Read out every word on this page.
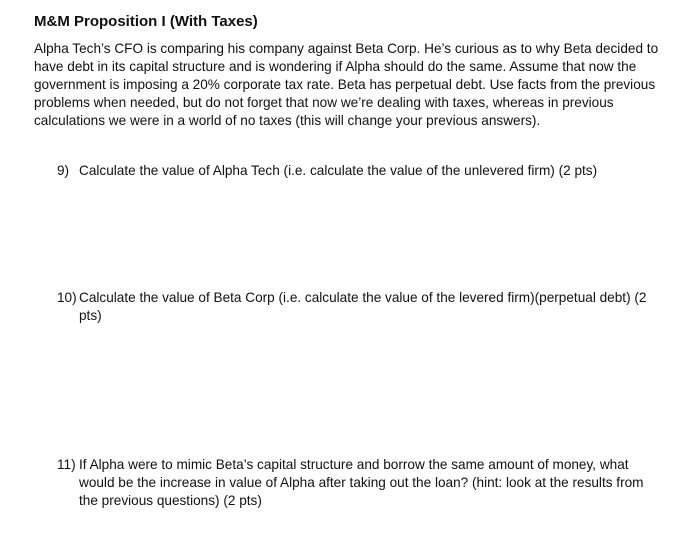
M&M Proposition I (With Taxes)

Alpha Tech’s CFO is comparing his company against Beta Corp. He’s curious as to why Beta decided to have debt in its capital structure and is wondering if Alpha should do the same. Assume that now the government is imposing a 20% corporate tax rate. Beta has perpetual debt. Use facts from the previous problems when needed, but do not forget that now we’re dealing with taxes, whereas in previous calculations we were in a world of no taxes (this will change your previous answers).

9) Calculate the value of Alpha Tech (i.e. calculate the value of the unlevered firm) (2 pts)
10) Calculate the value of Beta Corp (i.e. calculate the value of the levered firm)(perpetual debt) (2 pts)
11) If Alpha were to mimic Beta’s capital structure and borrow the same amount of money, what would be the increase in value of Alpha after taking out the loan? (hint: look at the results from the previous questions) (2 pts)
